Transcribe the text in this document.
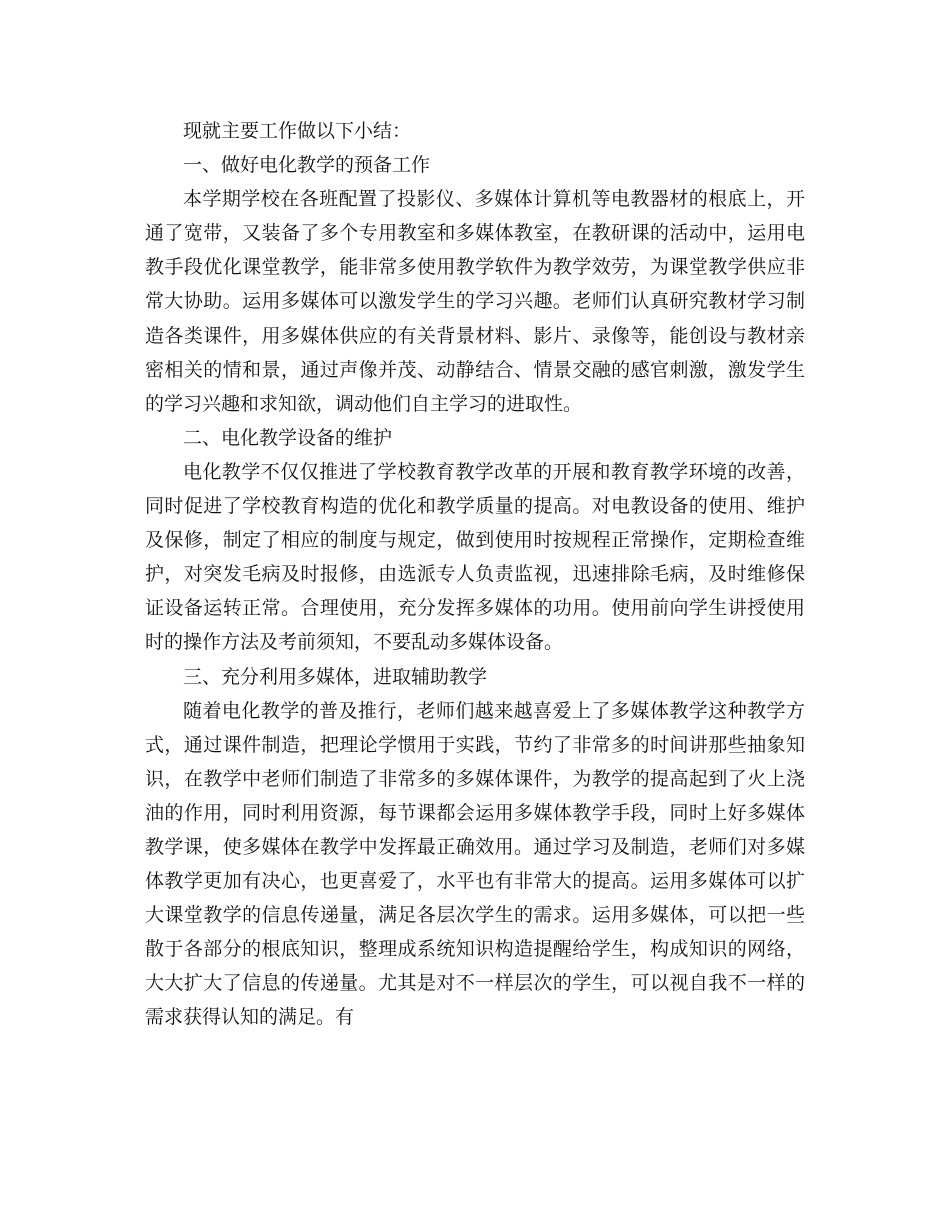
现就主要工作做以下小结：

一、做好电化教学的预备工作

本学期学校在各班配置了投影仪、多媒体计算机等电教器材的根底上，开通了宽带，又装备了多个专用教室和多媒体教室，在教研课的活动中，运用电教手段优化课堂教学，能非常多使用教学软件为教学效劳，为课堂教学供应非常大协助。运用多媒体可以激发学生的学习兴趣。老师们认真研究教材学习制造各类课件，用多媒体供应的有关背景材料、影片、录像等，能创设与教材亲密相关的情和景，通过声像并茂、动静结合、情景交融的感官刺激，激发学生的学习兴趣和求知欲，调动他们自主学习的进取性。

二、电化教学设备的维护

电化教学不仅仅推进了学校教育教学改革的开展和教育教学环境的改善，同时促进了学校教育构造的优化和教学质量的提高。对电教设备的使用、维护及保修，制定了相应的制度与规定，做到使用时按规程正常操作，定期检查维护，对突发毛病及时报修，由选派专人负责监视，迅速排除毛病，及时维修保证设备运转正常。合理使用，充分发挥多媒体的功用。使用前向学生讲授使用时的操作方法及考前须知，不要乱动多媒体设备。

三、充分利用多媒体，进取辅助教学

随着电化教学的普及推行，老师们越来越喜爱上了多媒体教学这种教学方式，通过课件制造，把理论学惯用于实践，节约了非常多的时间讲那些抽象知识，在教学中老师们制造了非常多的多媒体课件，为教学的提高起到了火上浇油的作用，同时利用资源，每节课都会运用多媒体教学手段，同时上好多媒体教学课，使多媒体在教学中发挥最正确效用。通过学习及制造，老师们对多媒体教学更加有决心，也更喜爱了，水平也有非常大的提高。运用多媒体可以扩大课堂教学的信息传递量，满足各层次学生的需求。运用多媒体，可以把一些散于各部分的根底知识，整理成系统知识构造提醒给学生，构成知识的网络，大大扩大了信息的传递量。尤其是对不一样层次的学生，可以视自我不一样的需求获得认知的满足。有
